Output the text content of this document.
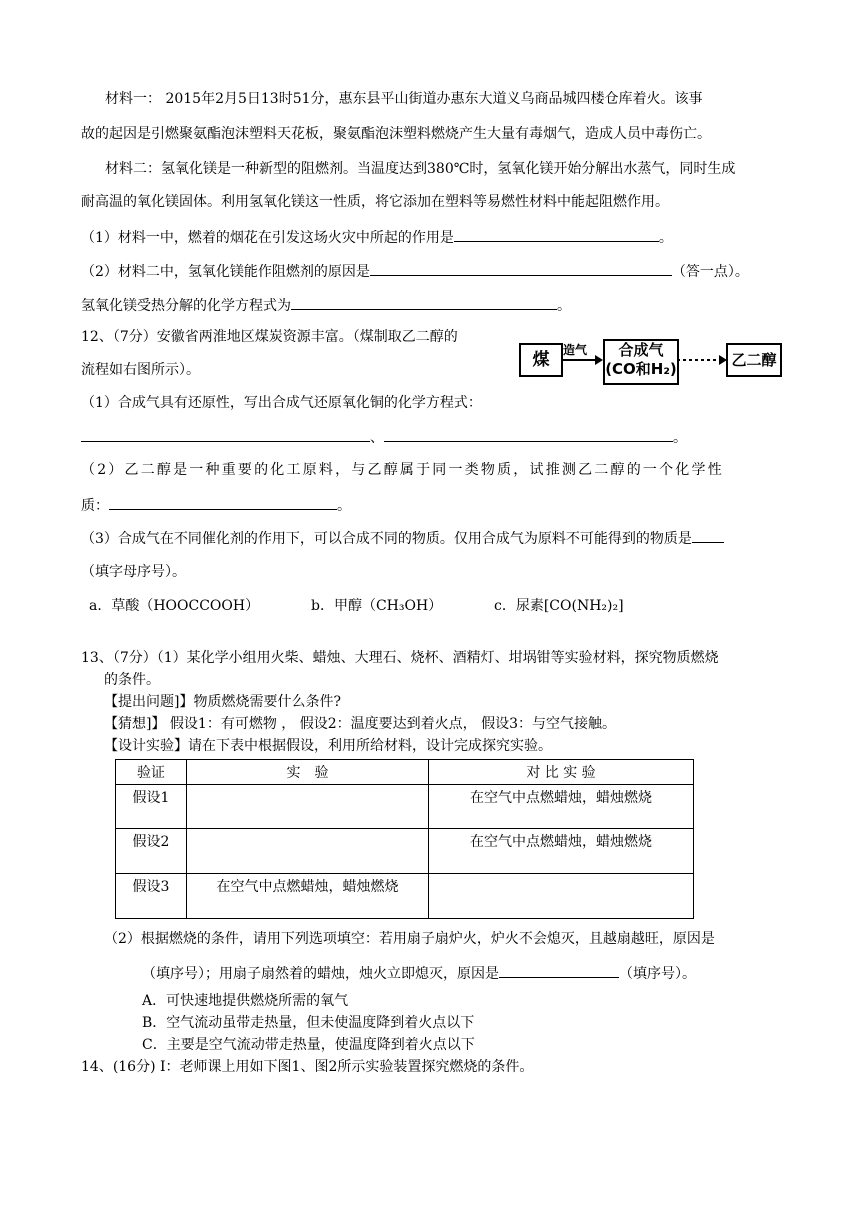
材料一： 2015年2月5日13时51分，惠东县平山街道办惠东大道义乌商品城四楼仓库着火。该事
故的起因是引燃聚氨酯泡沫塑料天花板，聚氨酯泡沫塑料燃烧产生大量有毒烟气，造成人员中毒伤亡。
材料二：氢氧化镁是一种新型的阻燃剂。当温度达到380℃时，氢氧化镁开始分解出水蒸气，同时生成
耐高温的氧化镁固体。利用氢氧化镁这一性质，将它添加在塑料等易燃性材料中能起阻燃作用。
（1）材料一中，燃着的烟花在引发这场火灾中所起的作用是	。
（2）材料二中，氢氧化镁能作阻燃剂的原因是	（答一点）。
氢氧化镁受热分解的化学方程式为	。
12、（7分）安徽省两淮地区煤炭资源丰富。（煤制取乙二醇的
流程如右图所示）。	煤	造气	合成气
(CO和H₂)	乙二醇
（1）合成气具有还原性，写出合成气还原氧化铜的化学方程式：
、	。
（2）乙二醇是一种重要的化工原料，与乙醇属于同一类物质，试推测乙二醇的一个化学性
质：	。
（3）合成气在不同催化剂的作用下，可以合成不同的物质。仅用合成气为原料不可能得到的物质是
（填字母序号）。
a．草酸（HOOCCOOH）	b．甲醇（CH₃OH）	c．尿素[CO(NH₂)₂]
13、（7分）（1）某化学小组用火柴、蜡烛、大理石、烧杯、酒精灯、坩埚钳等实验材料，探究物质燃烧
的条件。
【提出问题]】物质燃烧需要什么条件?
【猜想]】 假设1：有可燃物 ， 假设2：温度要达到着火点， 假设3：与空气接触。
【设计实验】请在下表中根据假设，利用所给材料，设计完成探究实验。
验证	实　验	对 比 实 验
假设1		在空气中点燃蜡烛，蜡烛燃烧
假设2		在空气中点燃蜡烛，蜡烛燃烧
假设3	在空气中点燃蜡烛，蜡烛燃烧	
（2）根据燃烧的条件，请用下列选项填空：若用扇子扇炉火，炉火不会熄灭，且越扇越旺，原因是
（填序号）；用扇子扇然着的蜡烛，烛火立即熄灭，原因是	（填序号）。
A．可快速地提供燃烧所需的氧气
B．空气流动虽带走热量，但未使温度降到着火点以下
C．主要是空气流动带走热量，使温度降到着火点以下
14、(16分) Ⅰ：老师课上用如下图1、图2所示实验装置探究燃烧的条件。
